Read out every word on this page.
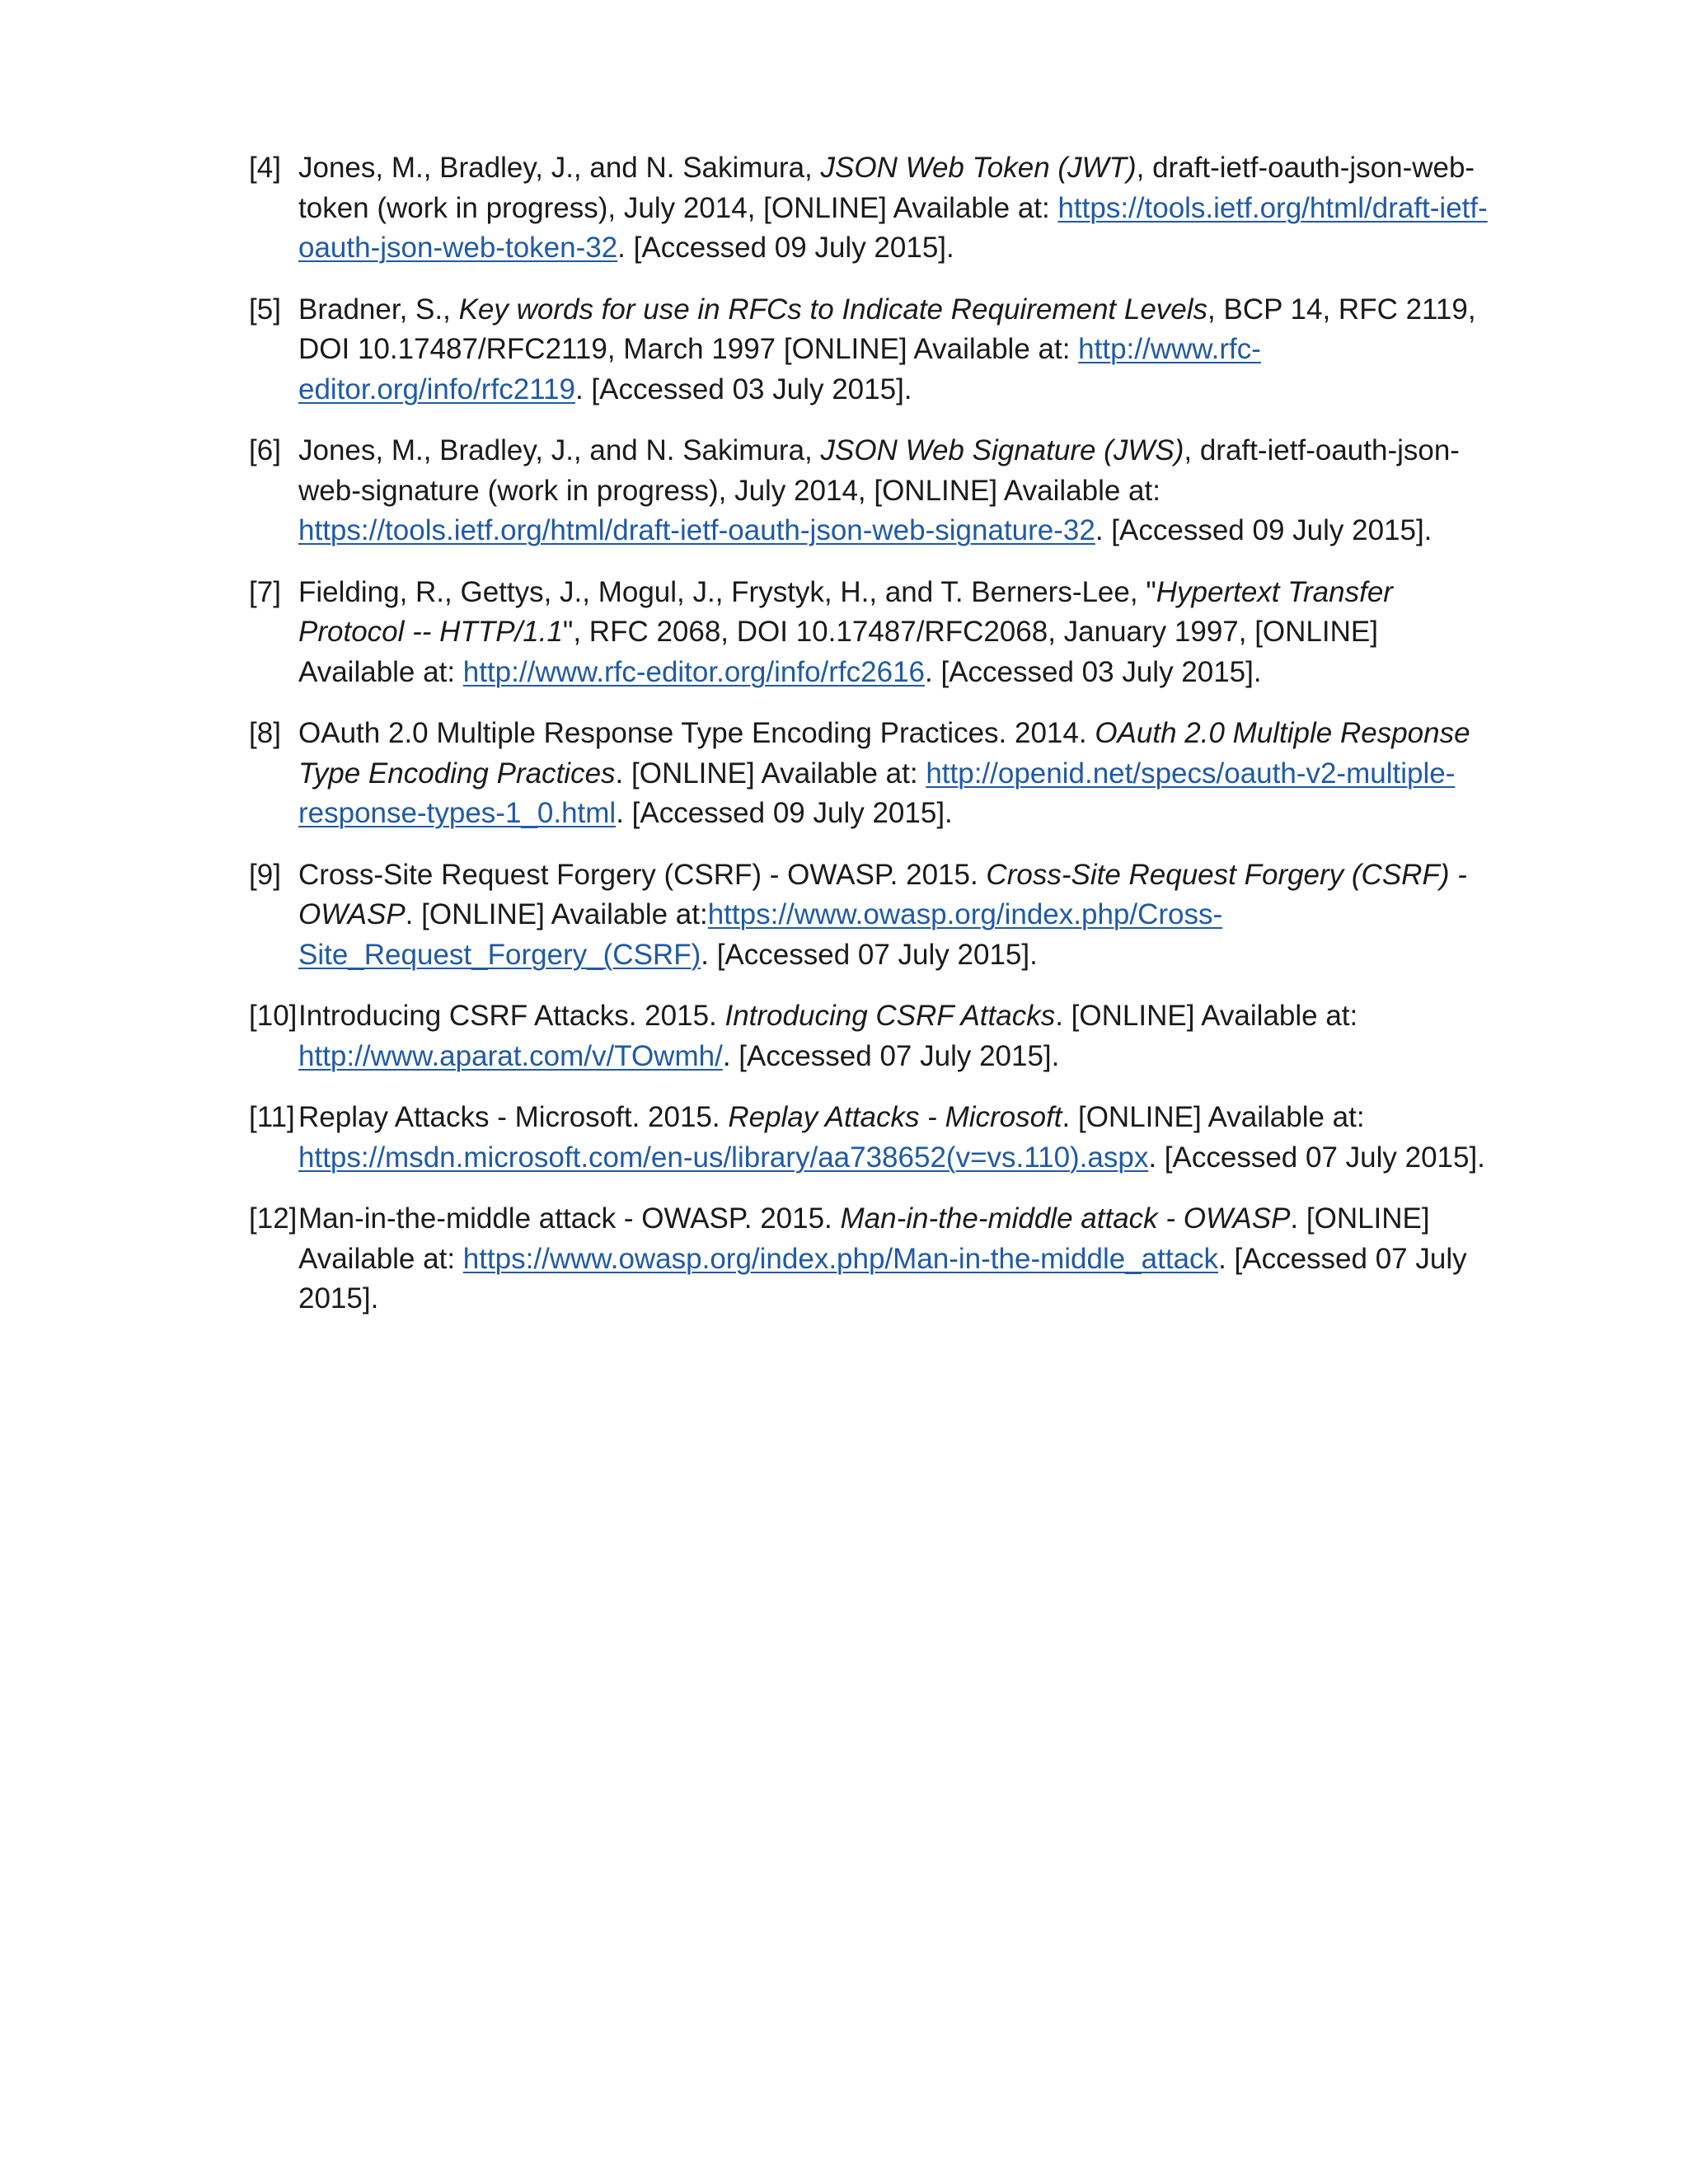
[4] Jones, M., Bradley, J., and N. Sakimura, JSON Web Token (JWT), draft-ietf-oauth-json-web-token (work in progress), July 2014, [ONLINE] Available at: https://tools.ietf.org/html/draft-ietf-oauth-json-web-token-32. [Accessed 09 July 2015].
[5] Bradner, S., Key words for use in RFCs to Indicate Requirement Levels, BCP 14, RFC 2119, DOI 10.17487/RFC2119, March 1997 [ONLINE] Available at: http://www.rfc-editor.org/info/rfc2119. [Accessed 03 July 2015].
[6] Jones, M., Bradley, J., and N. Sakimura, JSON Web Signature (JWS), draft-ietf-oauth-json-web-signature (work in progress), July 2014, [ONLINE] Available at: https://tools.ietf.org/html/draft-ietf-oauth-json-web-signature-32. [Accessed 09 July 2015].
[7] Fielding, R., Gettys, J., Mogul, J., Frystyk, H., and T. Berners-Lee, "Hypertext Transfer Protocol -- HTTP/1.1", RFC 2068, DOI 10.17487/RFC2068, January 1997, [ONLINE] Available at: http://www.rfc-editor.org/info/rfc2616. [Accessed 03 July 2015].
[8] OAuth 2.0 Multiple Response Type Encoding Practices. 2014. OAuth 2.0 Multiple Response Type Encoding Practices. [ONLINE] Available at: http://openid.net/specs/oauth-v2-multiple-response-types-1_0.html. [Accessed 09 July 2015].
[9] Cross-Site Request Forgery (CSRF) - OWASP. 2015. Cross-Site Request Forgery (CSRF) - OWASP. [ONLINE] Available at:https://www.owasp.org/index.php/Cross-Site_Request_Forgery_(CSRF). [Accessed 07 July 2015].
[10] Introducing CSRF Attacks. 2015. Introducing CSRF Attacks. [ONLINE] Available at: http://www.aparat.com/v/TOwmh/. [Accessed 07 July 2015].
[11] Replay Attacks - Microsoft. 2015. Replay Attacks - Microsoft. [ONLINE] Available at: https://msdn.microsoft.com/en-us/library/aa738652(v=vs.110).aspx. [Accessed 07 July 2015].
[12] Man-in-the-middle attack - OWASP. 2015. Man-in-the-middle attack - OWASP. [ONLINE] Available at: https://www.owasp.org/index.php/Man-in-the-middle_attack. [Accessed 07 July 2015].
